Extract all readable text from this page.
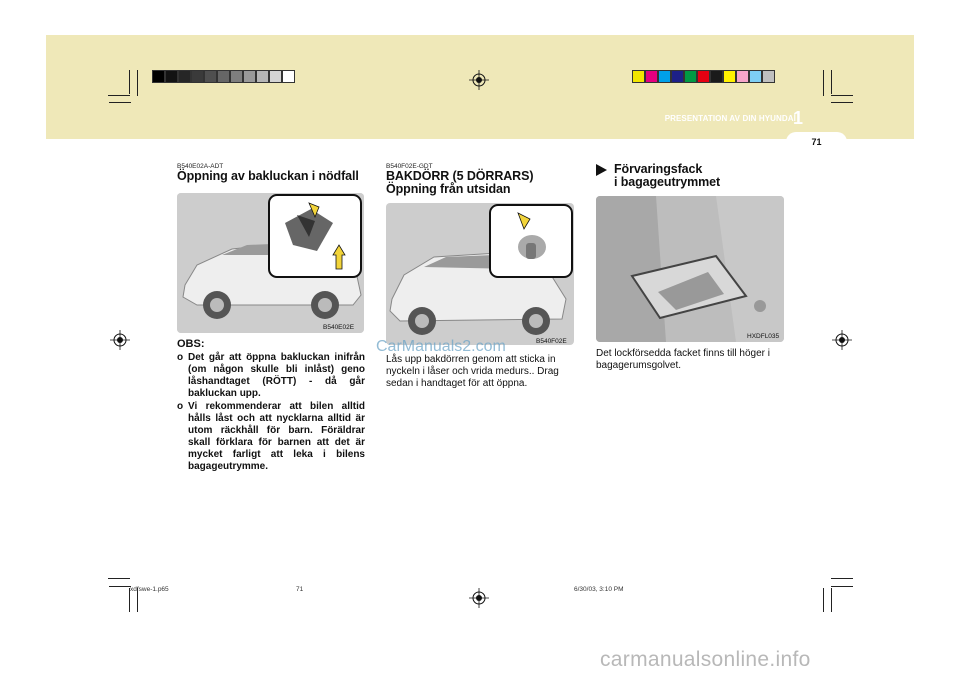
PRESENTATION AV DIN HYUNDAI
1
71
B540E02A-ADT
Öppning av bakluckan i nödfall
B540E02E
OBS:
o Det går att öppna bakluckan inifrån (om någon skulle bli inlåst) geno låshandtaget (RÖTT) - då går bakluckan upp.
o Vi rekommenderar att bilen alltid hålls låst och att nycklarna alltid är utom räckhåll för barn. Föräldrar skall förklara för barnen att det är mycket farligt att leka i bilens bagageutrymme.
B540F02E-GDT
BAKDÖRR (5 DÖRRARS)
Öppning från utsidan
B540F02E
Lås upp bakdörren genom att sticka in nyckeln i låser och vrida medurs.. Drag sedan i handtaget för att öppna.
Förvaringsfack
i bagageutrymmet
HXDFL035
Det lockförsedda facket finns till höger i bagagerumsgolvet.
xdfswe-1.p65	71	6/30/03, 3:10 PM
CarManuals2.com
carmanualsonline.info
